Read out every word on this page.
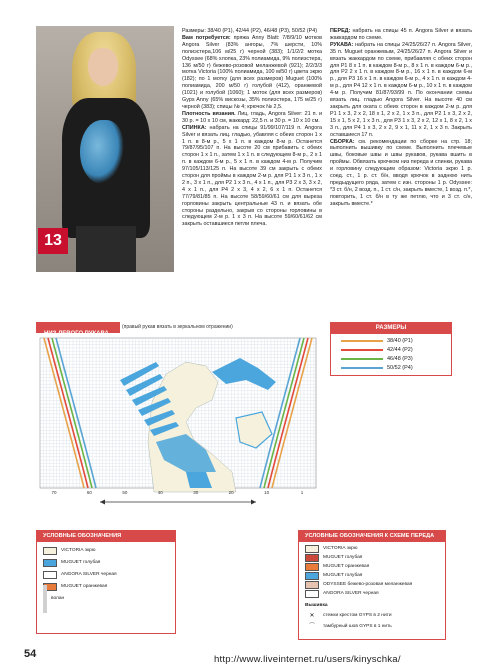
13

Размеры: 38/40 (P1), 42/44 (P2), 46/48 (P3), 50/52 (P4)

Вам потребуется: пряжа Anny Blatt: 7/8/9/10 мотков Angora Silver (83% ангоры, 7% шерсти, 10% полиэстера,106 м/25 г) черной (383); 1/1/2/2 мотка Odyssee (68% хлопка, 23% полиамида, 9% полиэстера, 136 м/50 г) бежево-розовой меланжевой (921); 2/2/3/3 мотка Victoria (100% полиамида, 100 м/50 г) цвета экрю (182); по 1 мотку (для всех размеров) Muguet (100% полиамида, 200 м/50 г) голубой (412), оранжевой (1021) и голубой (1060); 1 моток (для всех размеров) Gyps Anny (65% вискозы, 35% полиэстера, 175 м/25 г) черной (383); спицы № 4; крючок № 2,5.

Плотность вязания. Лиц. гладь, Angora Silver: 21 п. и 30 р. = 10 х 10 см, жаккард: 22,5 п. и 30 р. = 10 х 10 см.

СПИНКА: набрать на спицы 91/99/107/119 п. Angora Silver и вязать лиц. гладью, убавляя с обеих сторон 1 х 1 п. в 8-м р., 5 х 1 п. в каждом 8-м р. Останется 79/87/95/107 п. На высоте 20 см прибавить с обеих сторон 1 х 1 п., затем 1 х 1 п. в следующем 8-м р., 2 х 1 п. в каждом 6-м р., 5 х 1 п. в каждом 4-м р. Получим 97/105/113/125 п. На высоте 39 см закрыть с обеих сторон для проймы в каждом 2-м р. для P1 1 х 3 п., 1 х 2 п., 3 х 1 п., для P2 1 х 3 п., 4 х 1 п., для P3 2 х 3, 3 х 2, 4 х 1 п., для P4 2 х 3, 4 х 2, 6 х 1 п. Останется 77/79/81/85 п. На высоте 58/59/60/61 см для выреза горловины закрыть центральные 43 п. и вязать обе стороны раздельно, закрыв со стороны горловины в следующем 2-м р. 1 х 3 п. На высоте 59/60/61/62 см закрыть оставшиеся петли плеча.

ПЕРЕД: набрать на спицы 45 п. Angora Silver и вязать жаккардом по схеме.

РУКАВА: набрать на спицы 24/25/26/27 п. Angora Silver, 35 п. Muguet оранжевым, 24/25/26/27 п. Angora Silver и вязать жаккардом по схеме, прибавляя с обеих сторон для P1 8 х 1 п. в каждом 8-м р., 8 х 1 п. в каждом 6-м р., для P2 2 х 1 п. в каждом 8-м р., 16 х 1 п. в каждом 6-м р., для P3 16 х 1 п. в каждом 6-м р., 4 х 1 п. в каждом 4-м р., для P4 12 х 1 п. в каждом 6-м р., 10 х 1 п. в каждом 4-м р. Получим 81/87/93/99 п. По окончании схемы вязать лиц. гладью Angora Silver. На высоте 40 см закрыть для оката с обеих сторон в каждом 2-м р. для P1 1 х 3, 2 х 2, 18 х 1, 2 х 2, 1 х 3 п., для P2 1 х 3, 2 х 2, 15 х 1, 5 х 2, 1 х 3 п., для P3 1 х 3, 2 х 2, 12 х 1, 8 х 2, 1 х 3 п., для P4 1 х 3, 2 х 2, 9 х 1, 11 х 2, 1 х 3 п. Закрыть оставшиеся 17 п.

СБОРКА: см. рекомендации по сборке на стр. 18; выполнить вышивку по схеме. Выполнить плечевые швы, боковые швы и швы рукавов, рукава вшить в проймы. Обвязать крючком низ переда и спинки, рукава и горловину следующим образом: Victoria экрю 1 р. соед. ст., 1 р. ст. б/н, вводя крючок в заднюю нить предыдущего ряда, затем с изн. стороны 1 р. Odyssee: *3 ст. б/н, 2 возд. п., 1 ст. с/н, закрыть вместе, 1 возд. п.*, повторить, 1 ст. б/н в ту же петлю, что и 3 ст. с/н, закрыть вместе.*

НИЗ ЛЕВОГО РУКАВА
(правый рукав вязать в зеркальном отражении)
70	60	50	40	30	20	10	1
РАЗМЕРЫ
38/40 (P1)
42/44 (P2)
46/48 (P3)
50/52 (P4)
УСЛОВНЫЕ ОБОЗНАЧЕНИЯ
VICTORIA экрю
MUGUET голубая
ANGORA SILVER черная
MUGUET оранжевая
волан
УСЛОВНЫЕ ОБОЗНАЧЕНИЯ К СХЕМЕ ПЕРЕДА
VICTORIA экрю
MUGUET голубая
MUGUET оранжевая
MUGUET голубая
ODYSSEE бежево-розовая меланжевая
ANGORA SILVER черная
Вышивка
✕	стежки крестом GYPS в 2 нити
⌒	тамбурный шов GYPS в 1 нить
54	http://www.liveinternet.ru/users/kinyschka/
